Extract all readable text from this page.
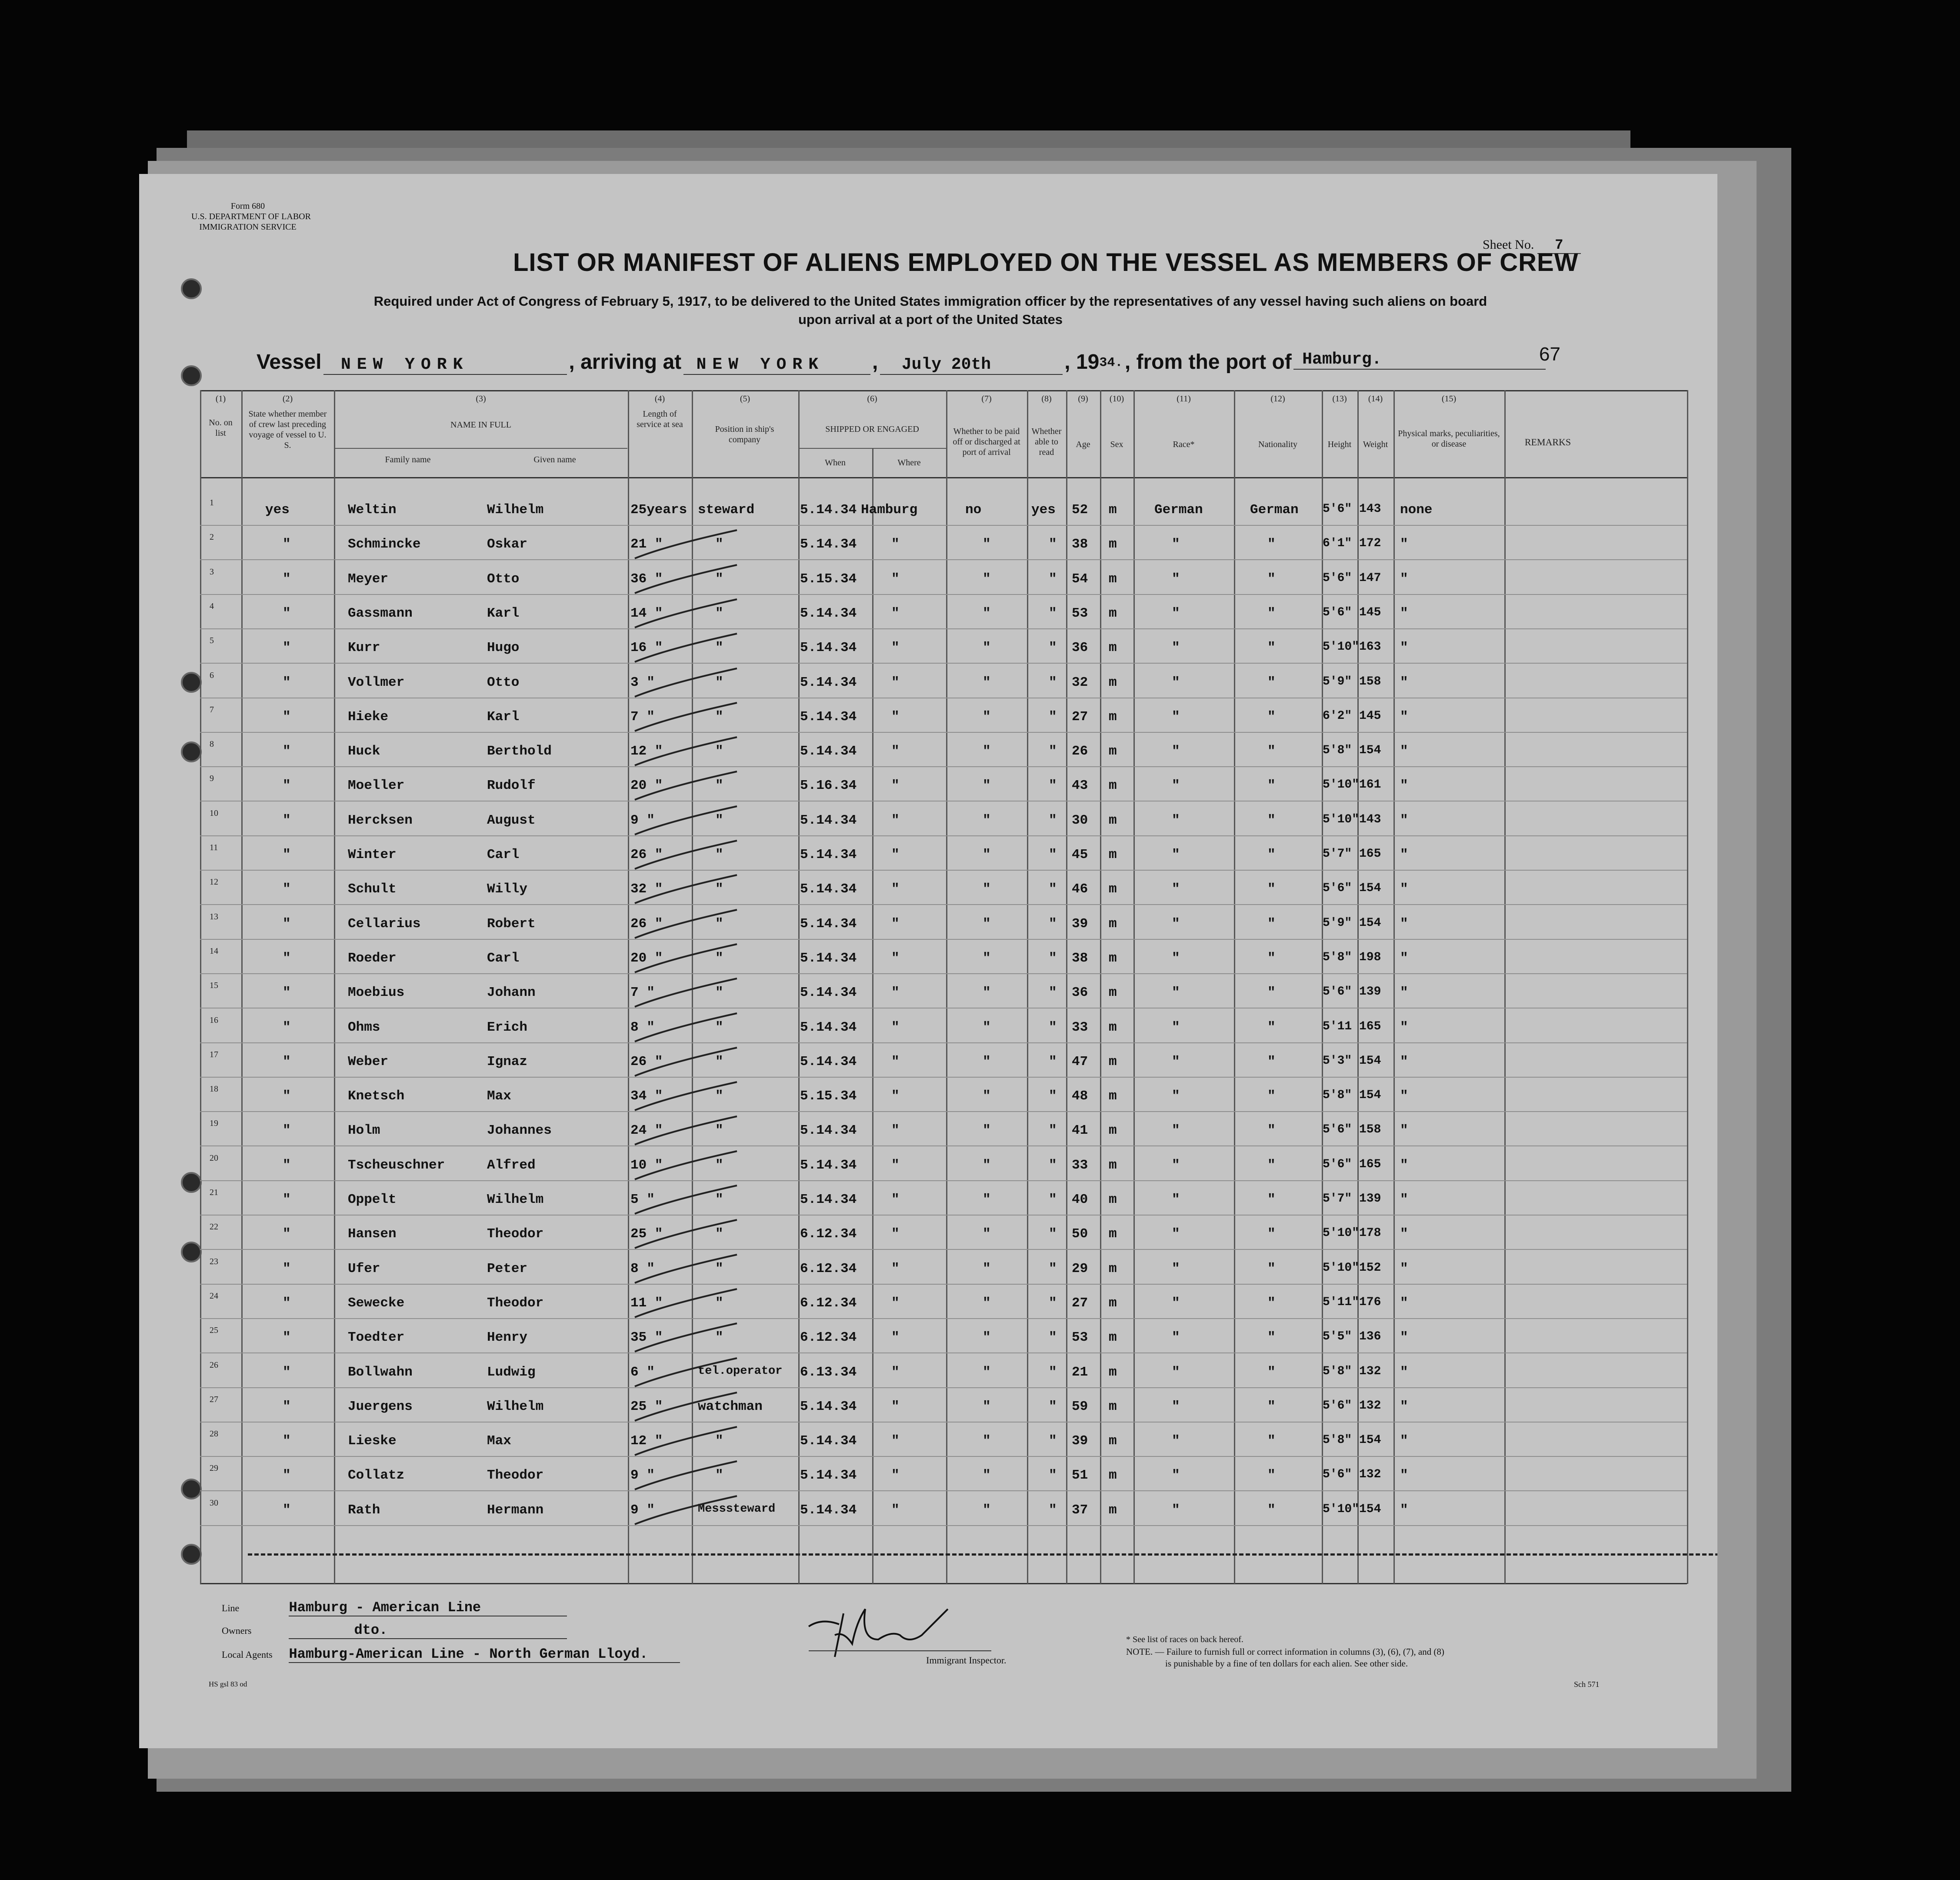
Form 680
U.S. DEPARTMENT OF LABOR
IMMIGRATION SERVICE
Sheet No. 7
LIST OR MANIFEST OF ALIENS EMPLOYED ON THE VESSEL AS MEMBERS OF CREW
Required under Act of Congress of February 5, 1917, to be delivered to the United States immigration officer by the representatives of any vessel having such aliens on board
upon arrival at a port of the United States
67
Vessel NEW YORK	, arriving at NEW YORK , July 20th	, 1934. , from the port of Hamburg.
(1)
No. on list
(2)
State whether member of crew last preceding voyage of vessel to U. S.
(3)
NAME IN FULL
Family name	Given name
(4)
Length of service at sea
(5)
Position in ship's company
(6)
SHIPPED OR ENGAGED
When	Where
(7)
Whether to be paid off or discharged at port of arrival
(8)
Whether able to read
(9)
Age
(10)
Sex
(11)
Race*
(12)
Nationality
(13)
Height
(14)
Weight
(15)
Physical marks, peculiarities, or disease	REMARKS
1	yes	Weltin	Wilhelm	25years steward	5.14.34 Hamburg	no	yes 52 m	German	German 5'6" 143 none
2	"	Schmincke	Oskar	21 "	"	5.14.34	"	"	" 38 m	"	"	6'1" 172 "
3	"	Meyer	Otto	36 "	"	5.15.34	"	"	" 54 m	"	"	5'6" 147 "
4	"	Gassmann	Karl	14 "	"	5.14.34	"	"	" 53 m	"	"	5'6" 145 "
5	"	Kurr	Hugo	16 "	"	5.14.34	"	"	" 36 m	"	"	5'10" 163 "
6	"	Vollmer	Otto	3 "	"	5.14.34	"	"	" 32 m	"	"	5'9" 158 "
7	"	Hieke	Karl	7 "	"	5.14.34	"	"	" 27 m	"	"	6'2" 145 "
8	"	Huck	Berthold	12 "	"	5.14.34	"	"	" 26 m	"	"	5'8" 154 "
9	"	Moeller	Rudolf	20 "	"	5.16.34	"	"	" 43 m	"	"	5'10" 161 "
10	"	Hercksen	August	9 "	"	5.14.34	"	"	" 30 m	"	"	5'10" 143 "
11	"	Winter	Carl	26 "	"	5.14.34	"	"	" 45 m	"	"	5'7" 165 "
12	"	Schult	Willy	32 "	"	5.14.34	"	"	" 46 m	"	"	5'6" 154 "
13	"	Cellarius	Robert	26 "	"	5.14.34	"	"	" 39 m	"	"	5'9" 154 "
14	"	Roeder	Carl	20 "	"	5.14.34	"	"	" 38 m	"	"	5'8" 198 "
15	"	Moebius	Johann	7 "	"	5.14.34	"	"	" 36 m	"	"	5'6" 139 "
16	"	Ohms	Erich	8 "	"	5.14.34	"	"	" 33 m	"	"	5'11 165 "
17	"	Weber	Ignaz	26 "	"	5.14.34	"	"	" 47 m	"	"	5'3" 154 "
18	"	Knetsch	Max	34 "	"	5.15.34	"	"	" 48 m	"	"	5'8" 154 "
19	"	Holm	Johannes	24 "	"	5.14.34	"	"	" 41 m	"	"	5'6" 158 "
20	"	Tscheuschner	Alfred	10 "	"	5.14.34	"	"	" 33 m	"	"	5'6" 165 "
21	"	Oppelt	Wilhelm	5 "	"	5.14.34	"	"	" 40 m	"	"	5'7" 139 "
22	"	Hansen	Theodor	25 "	"	6.12.34	"	"	" 50 m	"	"	5'10" 178 "
23	"	Ufer	Peter	8 "	"	6.12.34	"	"	" 29 m	"	"	5'10" 152 "
24	"	Sewecke	Theodor	11 "	"	6.12.34	"	"	" 27 m	"	"	5'11" 176 "
25	"	Toedter	Henry	35 "	"	6.12.34	"	"	" 53 m	"	"	5'5" 136 "
26	"	Bollwahn	Ludwig	6 "	tel.operator 6.13.34	"	"	" 21 m	"	"	5'8" 132 "
27	"	Juergens	Wilhelm	25 "	watchman	5.14.34	"	"	" 59 m	"	"	5'6" 132 "
28	"	Lieske	Max	12 "	"	5.14.34	"	"	" 39 m	"	"	5'8" 154 "
29	"	Collatz	Theodor	9 "	"	5.14.34	"	"	" 51 m	"	"	5'6" 132 "
30	"	Rath	Hermann	9 "	Messsteward 5.14.34	"	"	" 37 m	"	"	5'10" 154 "
Line	Hamburg - American Line
Owners	dto.
Local Agents Hamburg-American Line - North German Lloyd.
HS gsl 83 od
Immigrant Inspector.
* See list of races on back hereof.
NOTE. — Failure to furnish full or correct information in columns (3), (6), (7), and (8)
is punishable by a fine of ten dollars for each alien. See other side.
Sch 571
